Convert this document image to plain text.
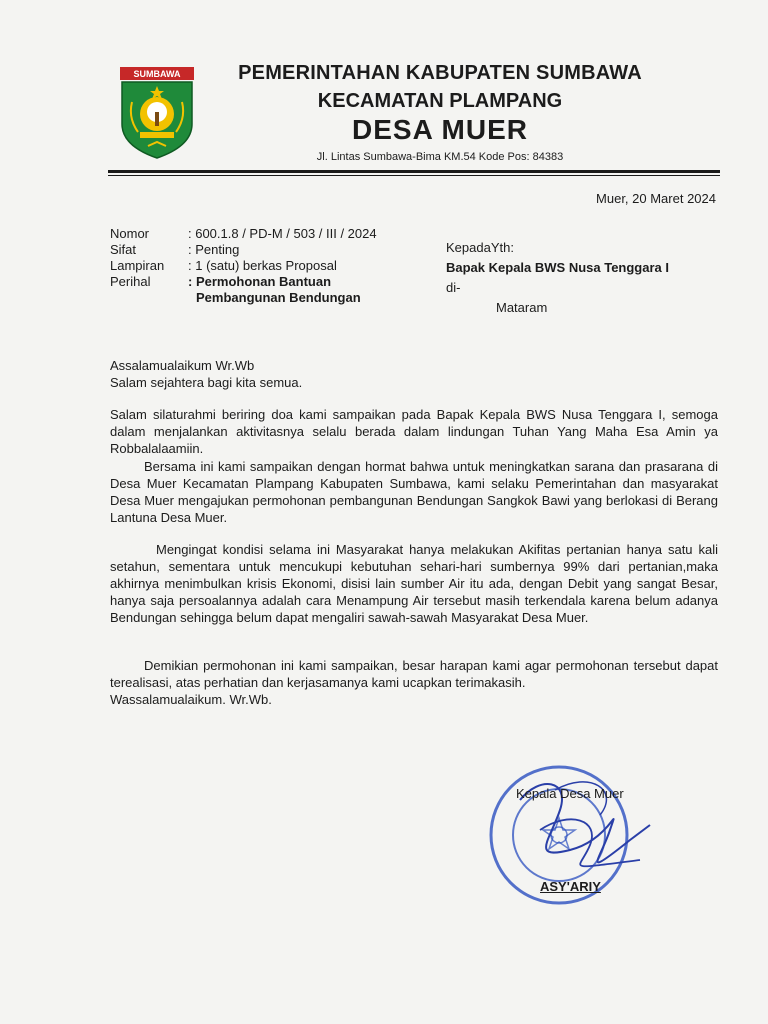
SUMBAWA	PEMERINTAHAN KABUPATEN SUMBAWA
KECAMATAN PLAMPANG
DESA MUER
Jl. Lintas Sumbawa-Bima KM.54 Kode Pos: 84383
Muer, 20 Maret 2024
Nomor	: 600.1.8 / PD-M / 503 / III / 2024
Sifat	: Penting
Lampiran	: 1 (satu) berkas Proposal
Perihal	: Permohonan Bantuan
Pembangunan Bendungan
KepadaYth:
Bapak Kepala BWS Nusa Tenggara I
di-
Mataram
Assalamualaikum Wr.Wb
Salam sejahtera bagi kita semua.
Salam silaturahmi beriring doa kami sampaikan pada Bapak Kepala BWS Nusa Tenggara I, semoga dalam menjalankan aktivitasnya selalu berada dalam lindungan Tuhan Yang Maha Esa Amin ya Robbalalaamiin.
Bersama ini kami sampaikan dengan hormat bahwa untuk meningkatkan sarana dan prasarana di Desa Muer Kecamatan Plampang Kabupaten Sumbawa, kami selaku Pemerintahan dan masyarakat Desa Muer mengajukan permohonan pembangunan Bendungan Sangkok Bawi yang berlokasi di Berang Lantuna Desa Muer.
Mengingat kondisi selama ini Masyarakat hanya melakukan Akifitas pertanian hanya satu kali setahun, sementara untuk mencukupi kebutuhan sehari-hari sumbernya 99% dari pertanian,maka akhirnya menimbulkan krisis Ekonomi, disisi lain sumber Air itu ada, dengan Debit yang sangat Besar, hanya saja persoalannya adalah cara Menampung Air tersebut masih terkendala karena belum adanya Bendungan sehingga belum dapat mengaliri sawah-sawah Masyarakat Desa Muer.
Demikian permohonan ini kami sampaikan, besar harapan kami agar permohonan tersebut dapat terealisasi, atas perhatian dan kerjasamanya kami ucapkan terimakasih.
Wassalamualaikum. Wr.Wb.
Kepala Desa Muer
ASY'ARIY
